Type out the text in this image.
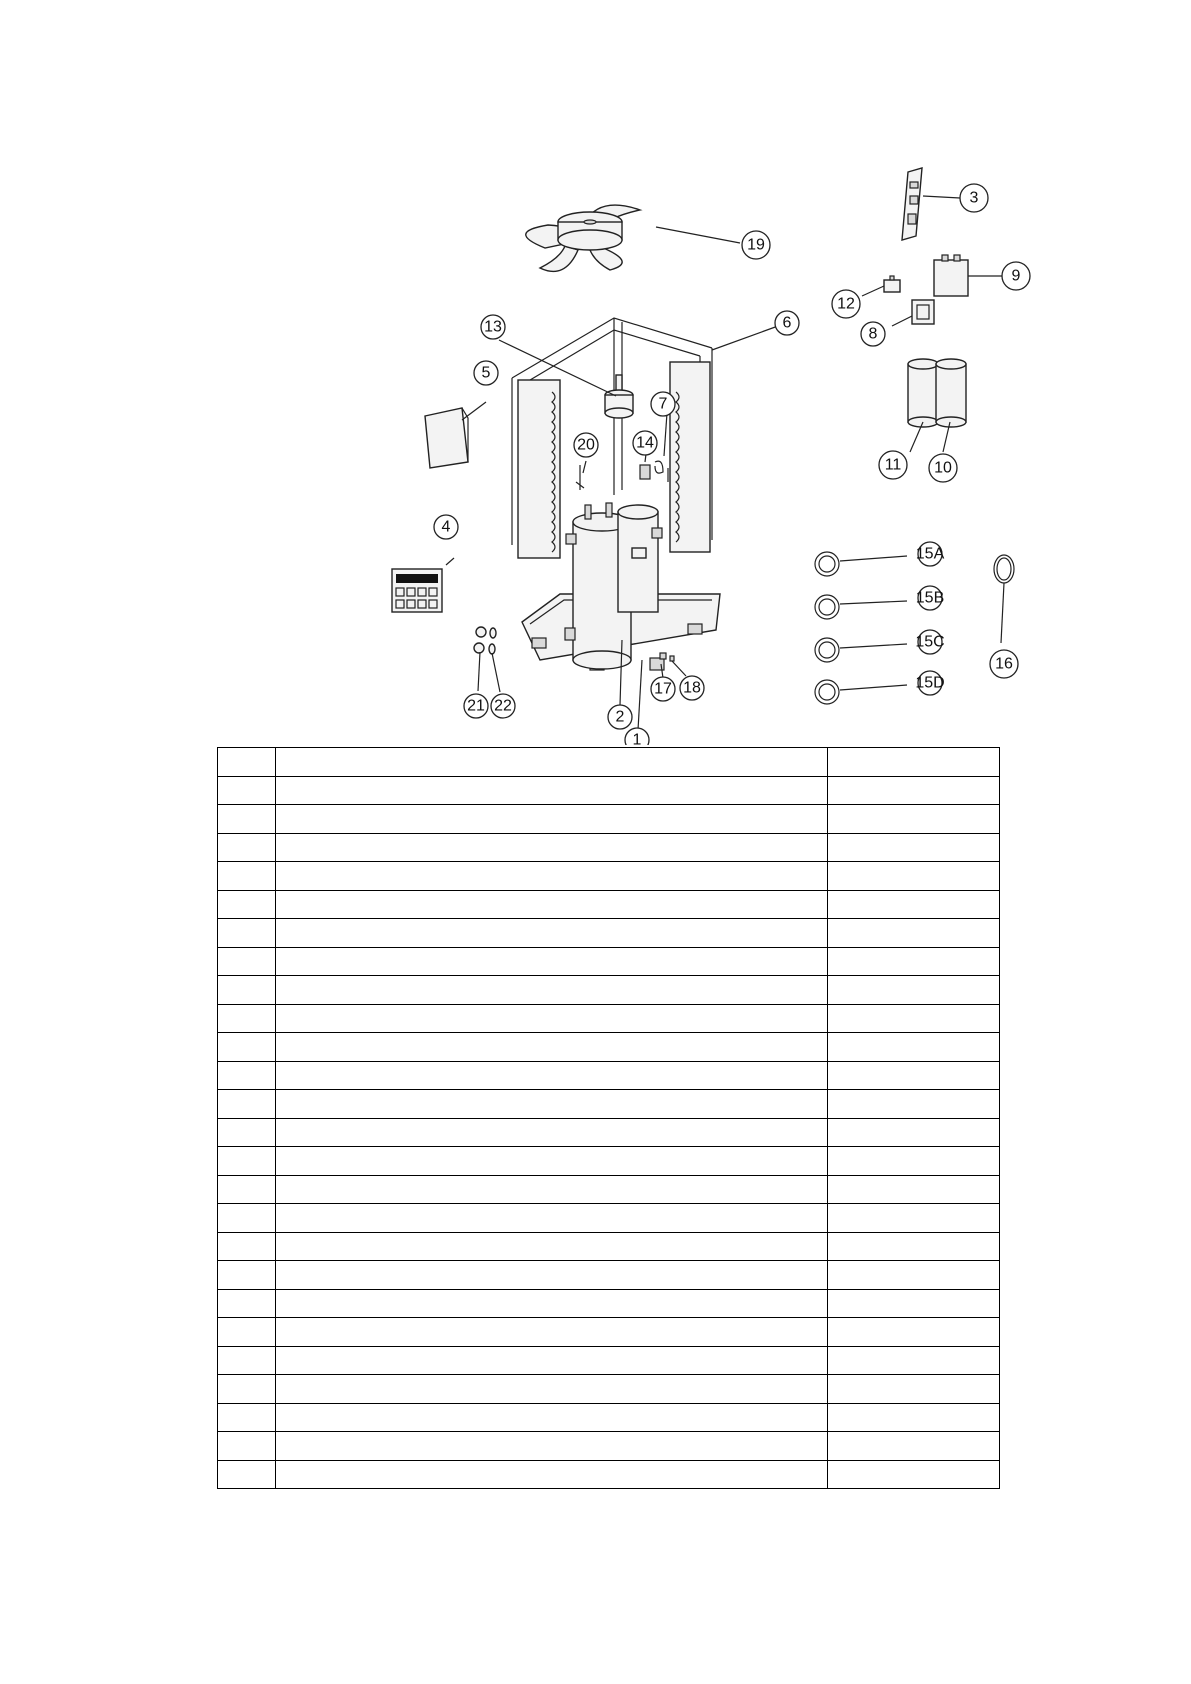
1
2
3
4
5
6
7
8
9
10
11
12
13
14
15A
15B
15C
15D
16
17 18
19
20
21 22
